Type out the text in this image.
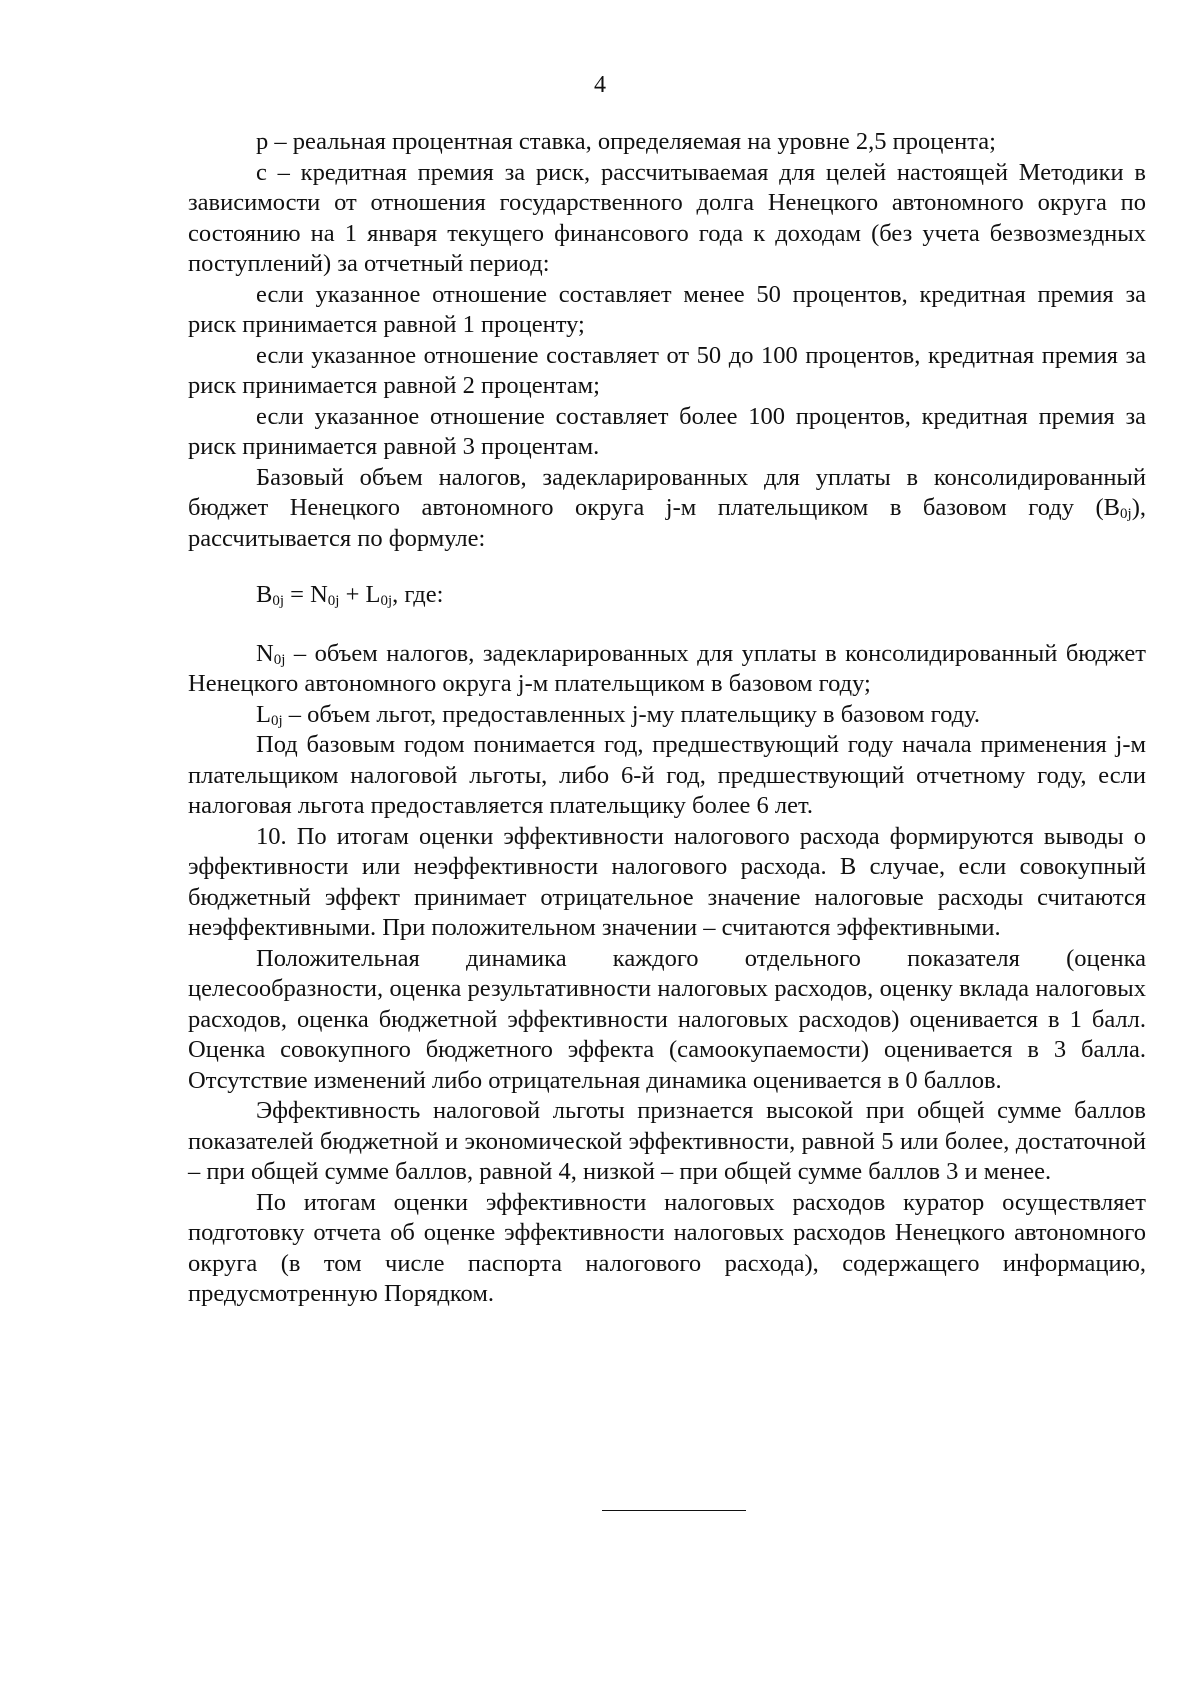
4

р – реальная процентная ставка, определяемая на уровне 2,5 процента;

с – кредитная премия за риск, рассчитываемая для целей настоящей Методики в зависимости от отношения государственного долга Ненецкого автономного округа по состоянию на 1 января текущего финансового года к доходам (без учета безвозмездных поступлений) за отчетный период:

если указанное отношение составляет менее 50 процентов, кредитная премия за риск принимается равной 1 проценту;

если указанное отношение составляет от 50 до 100 процентов, кредитная премия за риск принимается равной 2 процентам;

если указанное отношение составляет более 100 процентов, кредитная премия за риск принимается равной 3 процентам.

Базовый объем налогов, задекларированных для уплаты в консолидированный бюджет Ненецкого автономного округа j-м плательщиком в базовом году $(B_{0j})$, рассчитывается по формуле:

$B_{0j} = N_{0j} + L_{0j}$, где:

$N_{0j}$ – объем налогов, задекларированных для уплаты в консолидированный бюджет Ненецкого автономного округа j-м плательщиком в базовом году;

$L_{0j}$ – объем льгот, предоставленных j-му плательщику в базовом году.

Под базовым годом понимается год, предшествующий году начала применения j-м плательщиком налоговой льготы, либо 6-й год, предшествующий отчетному году, если налоговая льгота предоставляется плательщику более 6 лет.

10. По итогам оценки эффективности налогового расхода формируются выводы о эффективности или неэффективности налогового расхода. В случае, если совокупный бюджетный эффект принимает отрицательное значение налоговые расходы считаются неэффективными. При положительном значении – считаются эффективными.

Положительная динамика каждого отдельного показателя (оценка целесообразности, оценка результативности налоговых расходов, оценку вклада налоговых расходов, оценка бюджетной эффективности налоговых расходов) оценивается в 1 балл. Оценка совокупного бюджетного эффекта (самоокупаемости) оценивается в 3 балла. Отсутствие изменений либо отрицательная динамика оценивается в 0 баллов.

Эффективность налоговой льготы признается высокой при общей сумме баллов показателей бюджетной и экономической эффективности, равной 5 или более, достаточной – при общей сумме баллов, равной 4, низкой – при общей сумме баллов 3 и менее.

По итогам оценки эффективности налоговых расходов куратор осуществляет подготовку отчета об оценке эффективности налоговых расходов Ненецкого автономного округа (в том числе паспорта налогового расхода), содержащего информацию, предусмотренную Порядком.
